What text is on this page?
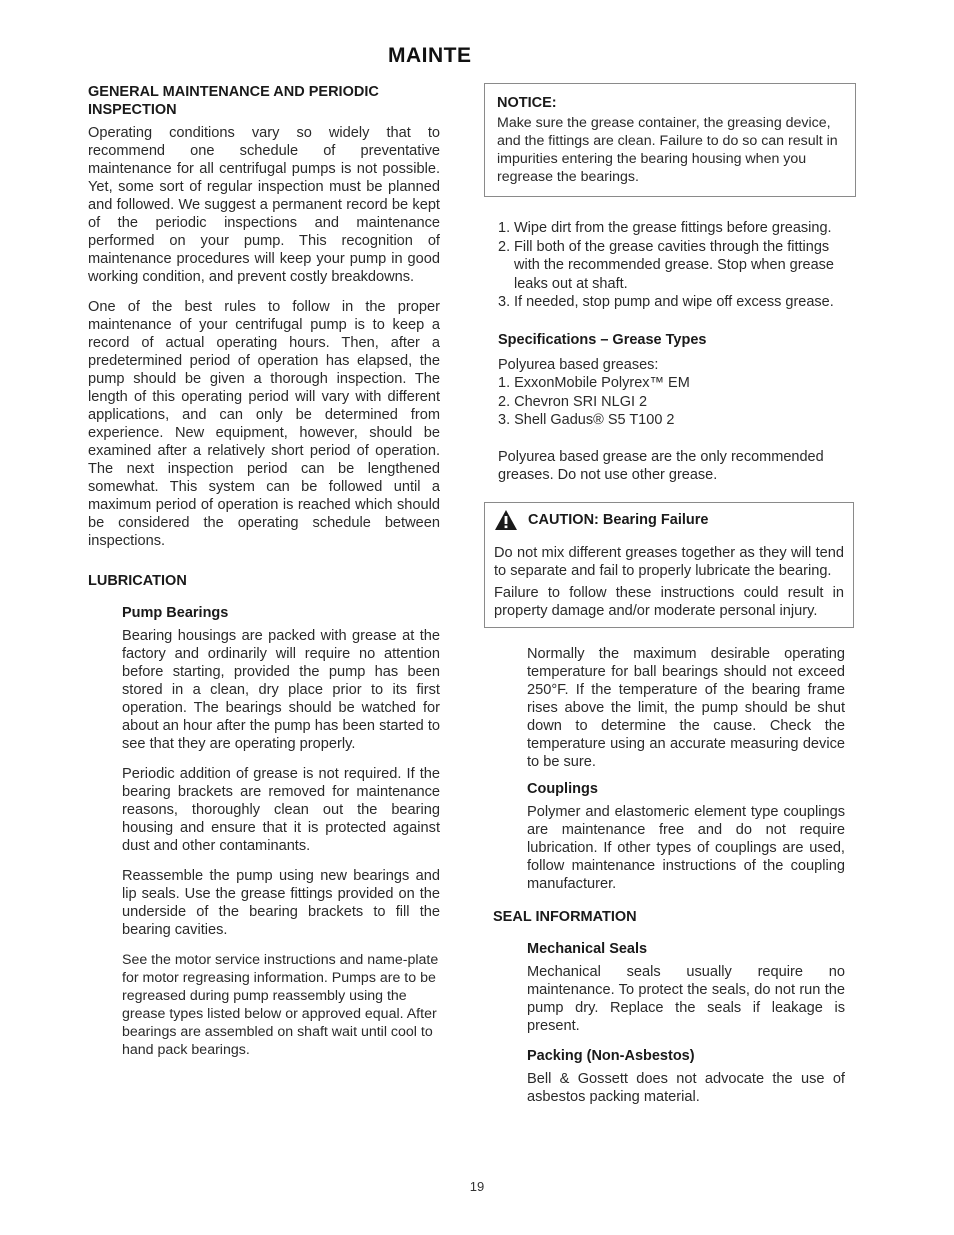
MAINTE

GENERAL MAINTENANCE AND PERIODIC
INSPECTION

Operating conditions vary so widely that to recommend one schedule of preventative maintenance for all centrifugal pumps is not possible. Yet, some sort of regular inspection must be planned and followed. We suggest a permanent record be kept of the periodic inspections and maintenance performed on your pump. This recognition of maintenance procedures will keep your pump in good working condition, and prevent costly breakdowns.

One of the best rules to follow in the proper maintenance of your centrifugal pump is to keep a record of actual operating hours. Then, after a predetermined period of operation has elapsed, the pump should be given a thorough inspection. The length of this operating period will vary with different applications, and can only be determined from experience. New equipment, however, should be examined after a relatively short period of operation. The next inspection period can be lengthened somewhat. This system can be followed until a maximum period of operation is reached which should be considered the operating schedule between inspections.

LUBRICATION

Pump Bearings

Bearing housings are packed with grease at the factory and ordinarily will require no attention before starting, provided the pump has been stored in a clean, dry place prior to its first operation. The bearings should be watched for about an hour after the pump has been started to see that they are operating properly.

Periodic addition of grease is not required. If the bearing brackets are removed for maintenance reasons, thoroughly clean out the bearing housing and ensure that it is protected against dust and other contaminants.

Reassemble the pump using new bearings and lip seals. Use the grease fittings provided on the underside of the bearing brackets to fill the bearing cavities.

See the motor service instructions and name-plate for motor regreasing information. Pumps are to be regreased during pump reassembly using the grease types listed below or approved equal. After bearings are assembled on shaft wait until cool to hand pack bearings.

NOTICE:

Make sure the grease container, the greasing device, and the fittings are clean. Failure to do so can result in impurities entering the bearing housing when you regrease the bearings.

1. Wipe dirt from the grease fittings before greasing.
2. Fill both of the grease cavities through the fittings with the recommended grease. Stop when grease leaks out at shaft.
3. If needed, stop pump and wipe off excess grease.

Specifications – Grease Types

Polyurea based greases:

1. ExxonMobile Polyrex™ EM

2. Chevron SRI NLGI 2

3. Shell Gadus® S5 T100 2

Polyurea based grease are the only recommended greases. Do not use other grease.

CAUTION: Bearing Failure

Do not mix different greases together as they will tend to separate and fail to properly lubricate the bearing.

Failure to follow these instructions could result in property damage and/or moderate personal injury.

Normally the maximum desirable operating temperature for ball bearings should not exceed 250°F. If the temperature of the bearing frame rises above the limit, the pump should be shut down to determine the cause. Check the temperature using an accurate measuring device to be sure.

Couplings

Polymer and elastomeric element type couplings are maintenance free and do not require lubrication. If other types of couplings are used, follow maintenance instructions of the coupling manufacturer.

SEAL INFORMATION

Mechanical Seals

Mechanical seals usually require no maintenance. To protect the seals, do not run the pump dry. Replace the seals if leakage is present.

Packing (Non-Asbestos)

Bell & Gossett does not advocate the use of asbestos packing material.

19
